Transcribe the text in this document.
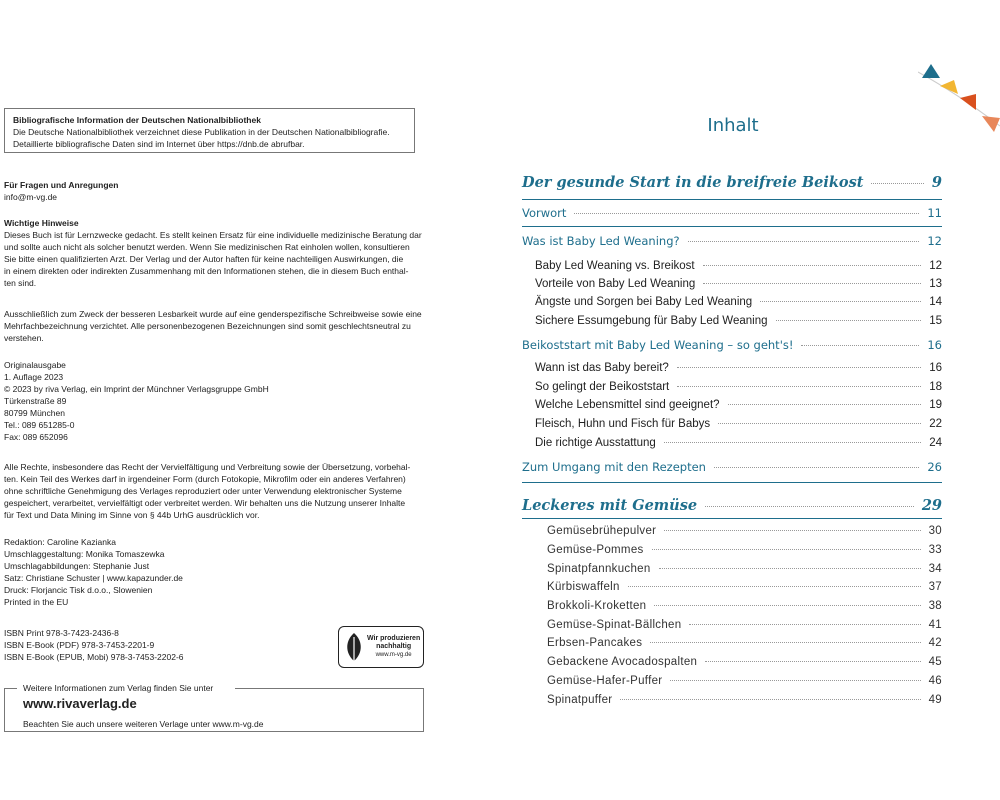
Bibliografische Information der Deutschen Nationalbibliothek

Die Deutsche Nationalbibliothek verzeichnet diese Publikation in der Deutschen Nationalbibliografie.

Detaillierte bibliografische Daten sind im Internet über https://dnb.de abrufbar.

Für Fragen und Anregungen

info@m-vg.de

Wichtige Hinweise

Dieses Buch ist für Lernzwecke gedacht. Es stellt keinen Ersatz für eine individuelle medizinische Beratung dar

und sollte auch nicht als solcher benutzt werden. Wenn Sie medizinischen Rat einholen wollen, konsultieren

Sie bitte einen qualifizierten Arzt. Der Verlag und der Autor haften für keine nachteiligen Auswirkungen, die

in einem direkten oder indirekten Zusammenhang mit den Informationen stehen, die in diesem Buch enthal-

ten sind.

Ausschließlich zum Zweck der besseren Lesbarkeit wurde auf eine genderspezifische Schreibweise sowie eine

Mehrfachbezeichnung verzichtet. Alle personenbezogenen Bezeichnungen sind somit geschlechtsneutral zu

verstehen.

Originalausgabe

1. Auflage 2023

© 2023 by riva Verlag, ein Imprint der Münchner Verlagsgruppe GmbH

Türkenstraße 89

80799 München

Tel.: 089 651285-0

Fax: 089 652096

Alle Rechte, insbesondere das Recht der Vervielfältigung und Verbreitung sowie der Übersetzung, vorbehal-

ten. Kein Teil des Werkes darf in irgendeiner Form (durch Fotokopie, Mikrofilm oder ein anderes Verfahren)

ohne schriftliche Genehmigung des Verlages reproduziert oder unter Verwendung elektronischer Systeme

gespeichert, verarbeitet, vervielfältigt oder verbreitet werden. Wir behalten uns die Nutzung unserer Inhalte

für Text und Data Mining im Sinne von § 44b UrhG ausdrücklich vor.

Redaktion: Caroline Kazianka

Umschlaggestaltung: Monika Tomaszewka

Umschlagabbildungen: Stephanie Just

Satz: Christiane Schuster | www.kapazunder.de

Druck: Florjancic Tisk d.o.o., Slowenien

Printed in the EU

ISBN Print 978-3-7423-2436-8

ISBN E-Book (PDF) 978-3-7453-2201-9

ISBN E-Book (EPUB, Mobi) 978-3-7453-2202-6

Wir produzieren
nachhaltig
www.m-vg.de
Weitere Informationen zum Verlag finden Sie unter
www.rivaverlag.de
Beachten Sie auch unsere weiteren Verlage unter www.m-vg.de
Inhalt
Der gesunde Start in die breifreie Beikost	9
Vorwort	11
Was ist Baby Led Weaning?	12
Baby Led Weaning vs. Breikost	12
Vorteile von Baby Led Weaning	13
Ängste und Sorgen bei Baby Led Weaning	14
Sichere Essumgebung für Baby Led Weaning	15
Beikoststart mit Baby Led Weaning – so geht's!	16
Wann ist das Baby bereit?	16
So gelingt der Beikoststart	18
Welche Lebensmittel sind geeignet?	19
Fleisch, Huhn und Fisch für Babys	22
Die richtige Ausstattung	24
Zum Umgang mit den Rezepten	26
Leckeres mit Gemüse	29
Gemüsebrühepulver	30
Gemüse-Pommes	33
Spinatpfannkuchen	34
Kürbiswaffeln	37
Brokkoli-Kroketten	38
Gemüse-Spinat-Bällchen	41
Erbsen-Pancakes	42
Gebackene Avocadospalten	45
Gemüse-Hafer-Puffer	46
Spinatpuffer	49
